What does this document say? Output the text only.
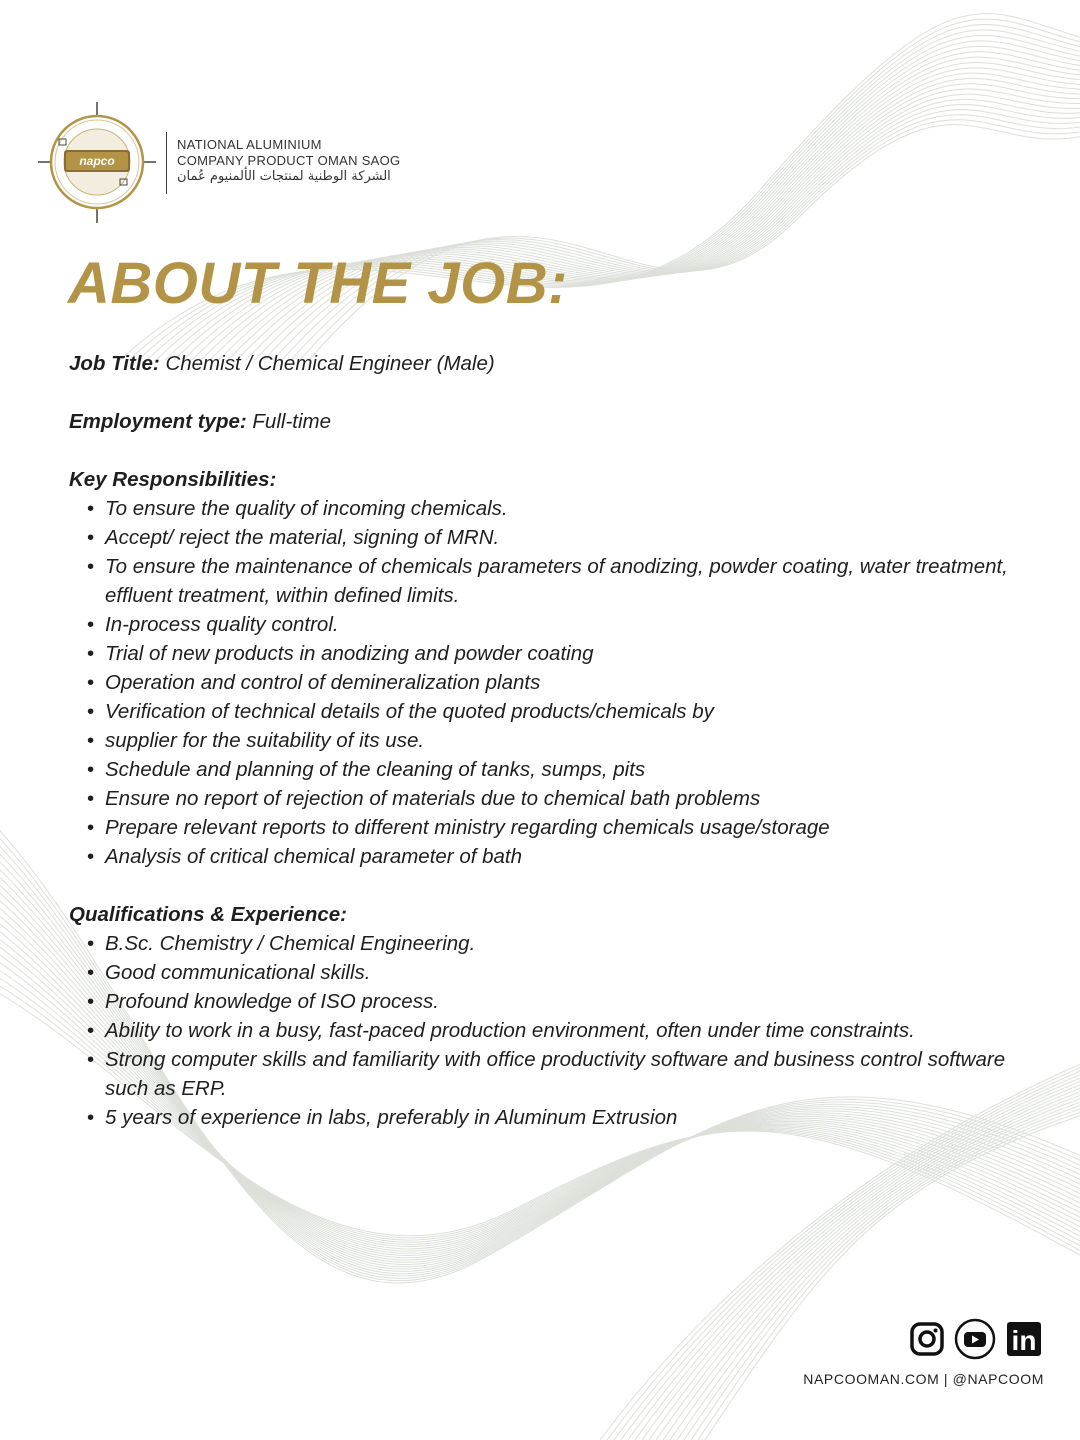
napco
NATIONAL ALUMINIUM
COMPANY PRODUCT OMAN SAOG
الشركة الوطنية لمنتجات الألمنيوم عُمان
ABOUT THE JOB:
Job Title: Chemist / Chemical Engineer (Male)
Employment type: Full-time
Key Responsibilities:
• To ensure the quality of incoming chemicals.
• Accept/ reject the material, signing of MRN.
• To ensure the maintenance of chemicals parameters of anodizing, powder coating, water treatment, effluent treatment, within defined limits.
• In-process quality control.
• Trial of new products in anodizing and powder coating
• Operation and control of demineralization plants
• Verification of technical details of the quoted products/chemicals by
• supplier for the suitability of its use.
• Schedule and planning of the cleaning of tanks, sumps, pits
• Ensure no report of rejection of materials due to chemical bath problems
• Prepare relevant reports to different ministry regarding chemicals usage/storage
• Analysis of critical chemical parameter of bath
Qualifications & Experience:
• B.Sc. Chemistry / Chemical Engineering.
• Good communicational skills.
• Profound knowledge of ISO process.
• Ability to work in a busy, fast-paced production environment, often under time constraints.
• Strong computer skills and familiarity with office productivity software and business control software such as ERP.
• 5 years of experience in labs, preferably in Aluminum Extrusion
in
NAPCOOMAN.COM | @NAPCOOM
